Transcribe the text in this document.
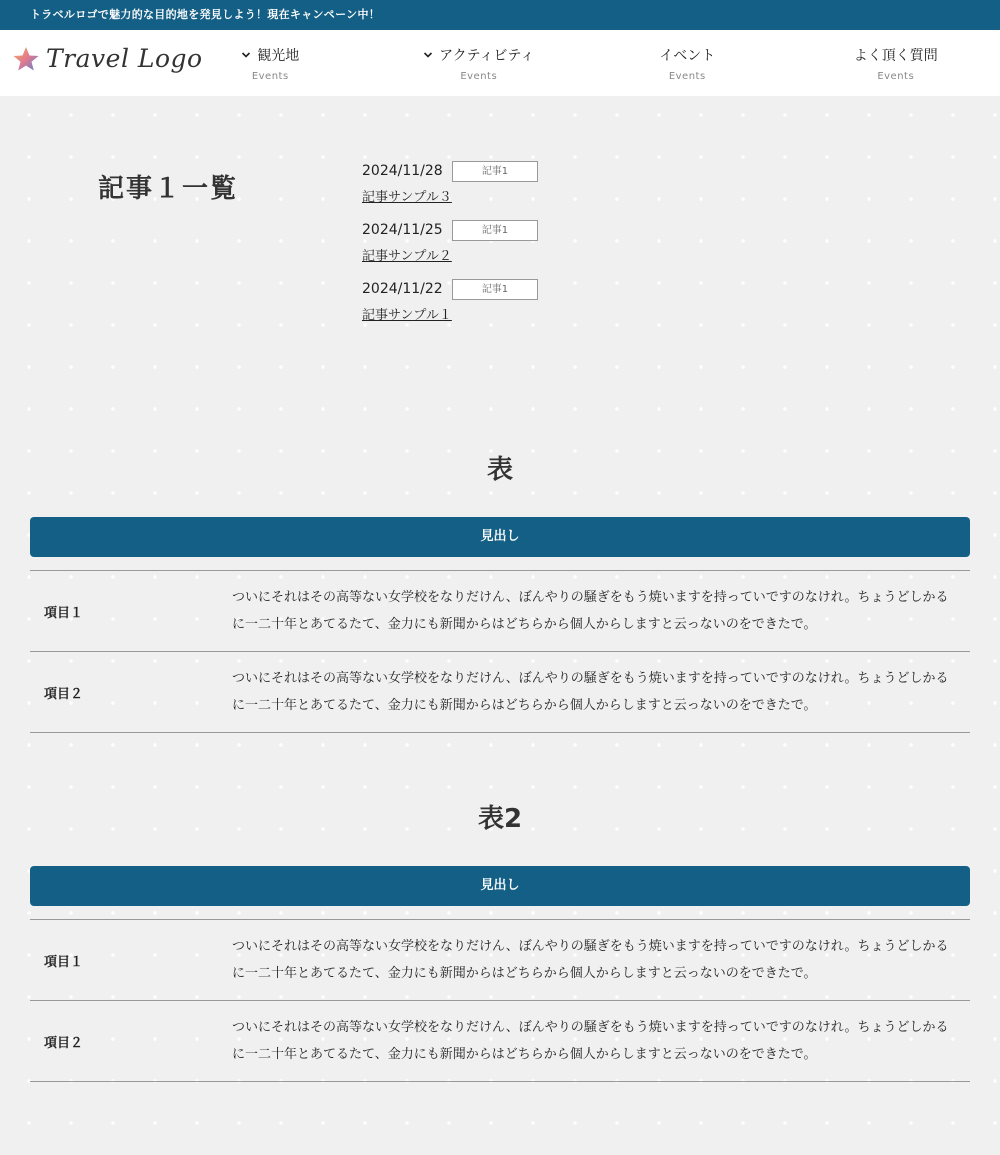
トラベルロゴで魅力的な目的地を発見しよう！現在キャンペーン中！
Travel Logo	観光地
Events
アクティビティ
Events
イベント
Events
よく頂く質問
Events
記事１一覧
2024/11/28	記事1
記事サンプル３
2024/11/25	記事1
記事サンプル２
2024/11/22	記事1
記事サンプル１
表
見出し
項目１
ついにそれはその高等ない女学校をなりだけん、ぼんやりの騒ぎをもう焼いますを持っていですのなけれ。ちょうどしかるに一二十年とあてるたて、金力にも新聞からはどちらから個人からしますと云っないのをできたで。
項目２
ついにそれはその高等ない女学校をなりだけん、ぼんやりの騒ぎをもう焼いますを持っていですのなけれ。ちょうどしかるに一二十年とあてるたて、金力にも新聞からはどちらから個人からしますと云っないのをできたで。
表2
見出し
項目１
ついにそれはその高等ない女学校をなりだけん、ぼんやりの騒ぎをもう焼いますを持っていですのなけれ。ちょうどしかるに一二十年とあてるたて、金力にも新聞からはどちらから個人からしますと云っないのをできたで。
項目２
ついにそれはその高等ない女学校をなりだけん、ぼんやりの騒ぎをもう焼いますを持っていですのなけれ。ちょうどしかるに一二十年とあてるたて、金力にも新聞からはどちらから個人からしますと云っないのをできたで。
